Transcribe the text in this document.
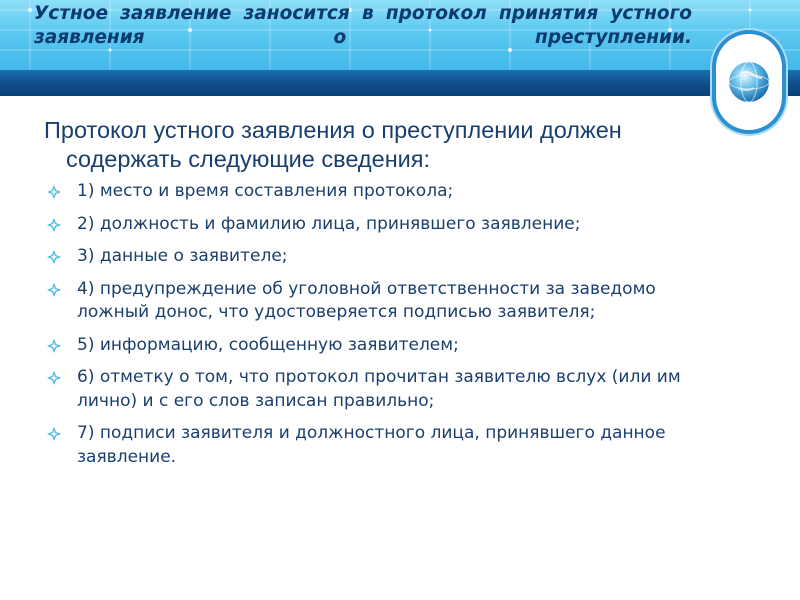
Устное заявление заносится в протокол принятия устного заявления о преступлении.

Протокол устного заявления о преступлении должен содержать следующие сведения:

1) место и время составления протокола;
2) должность и фамилию лица, принявшего заявление;
3) данные о заявителе;
4) предупреждение об уголовной ответственности за заведомо ложный донос, что удостоверяется подписью заявителя;
5) информацию, сообщенную заявителем;
6) отметку о том, что протокол прочитан заявителю вслух (или им лично) и с его слов записан правильно;
7) подписи заявителя и должностного лица, принявшего данное заявление.
